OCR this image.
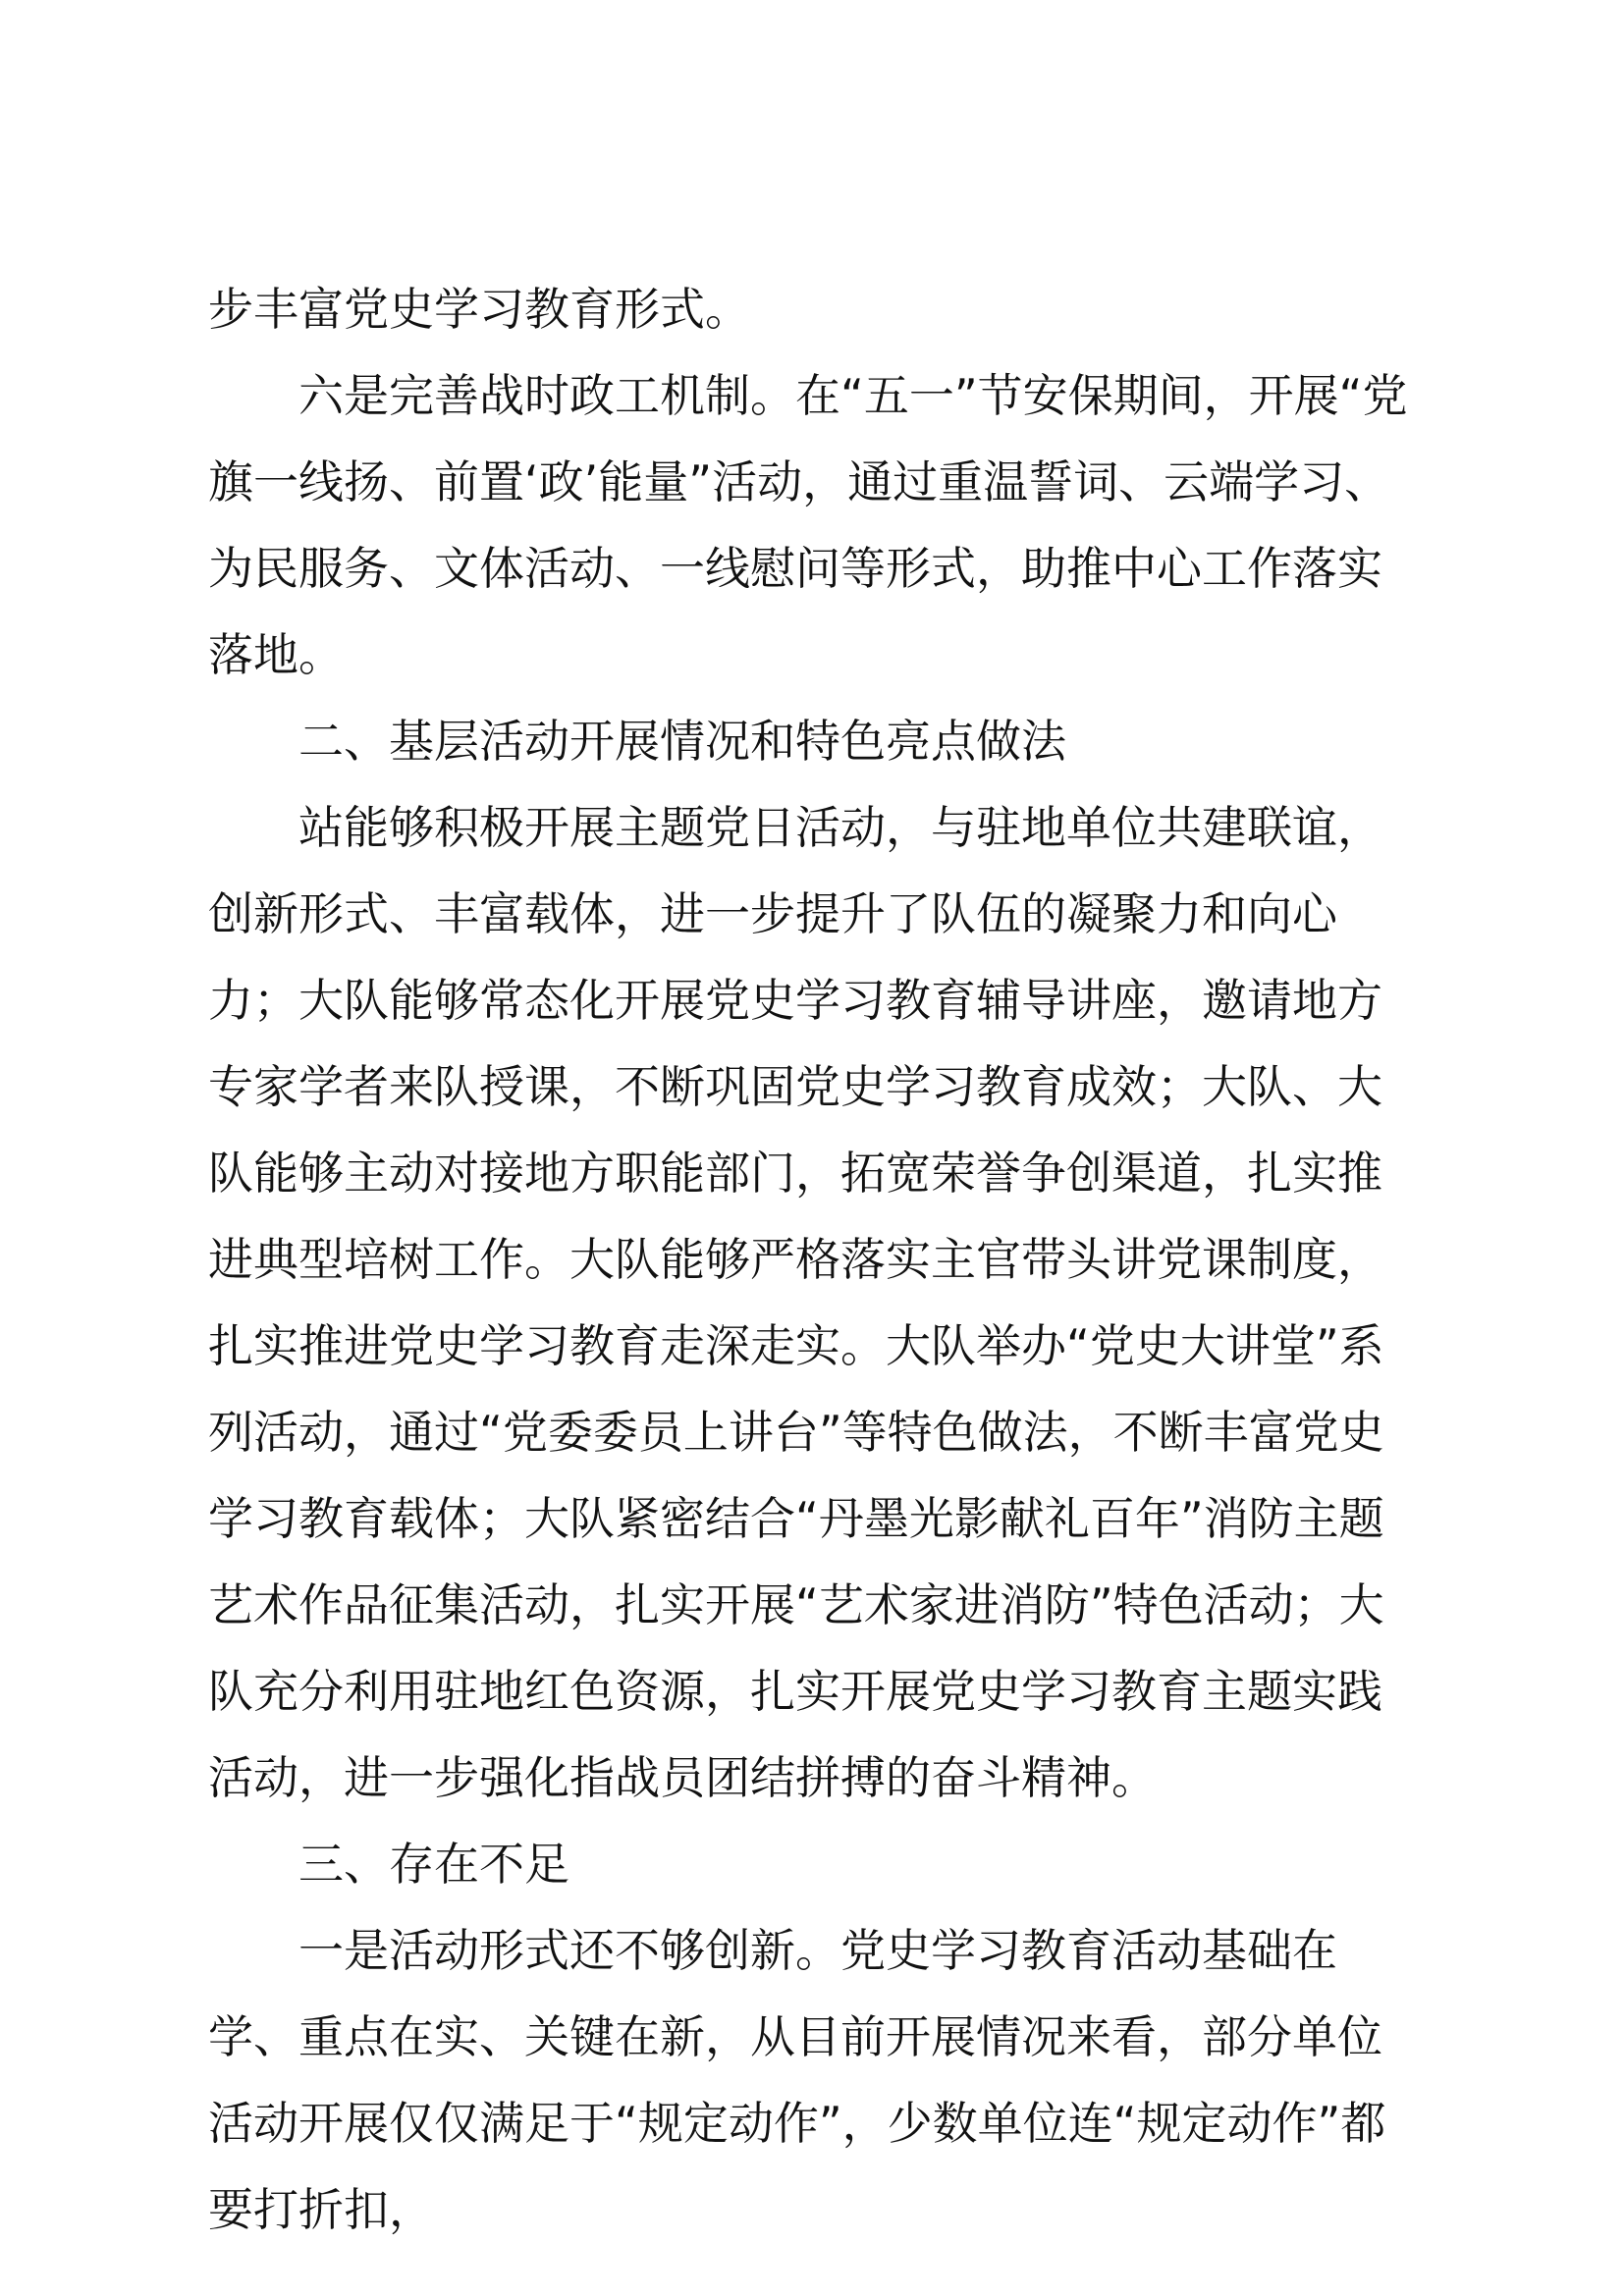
步丰富党史学习教育形式。

六是完善战时政工机制。在“五一”节安保期间，开展“党旗一线扬、前置‘政’能量”活动，通过重温誓词、云端学习、为民服务、文体活动、一线慰问等形式，助推中心工作落实落地。

二、基层活动开展情况和特色亮点做法

站能够积极开展主题党日活动，与驻地单位共建联谊，创新形式、丰富载体，进一步提升了队伍的凝聚力和向心力；大队能够常态化开展党史学习教育辅导讲座，邀请地方专家学者来队授课，不断巩固党史学习教育成效；大队、大队能够主动对接地方职能部门，拓宽荣誉争创渠道，扎实推进典型培树工作。大队能够严格落实主官带头讲党课制度，扎实推进党史学习教育走深走实。大队举办“党史大讲堂”系列活动，通过“党委委员上讲台”等特色做法，不断丰富党史学习教育载体；大队紧密结合“丹墨光影献礼百年”消防主题艺术作品征集活动，扎实开展“艺术家进消防”特色活动；大队充分利用驻地红色资源，扎实开展党史学习教育主题实践活动，进一步强化指战员团结拼搏的奋斗精神。

三、存在不足

一是活动形式还不够创新。党史学习教育活动基础在学、重点在实、关键在新，从目前开展情况来看，部分单位活动开展仅仅满足于“规定动作”，少数单位连“规定动作”都要打折扣，
